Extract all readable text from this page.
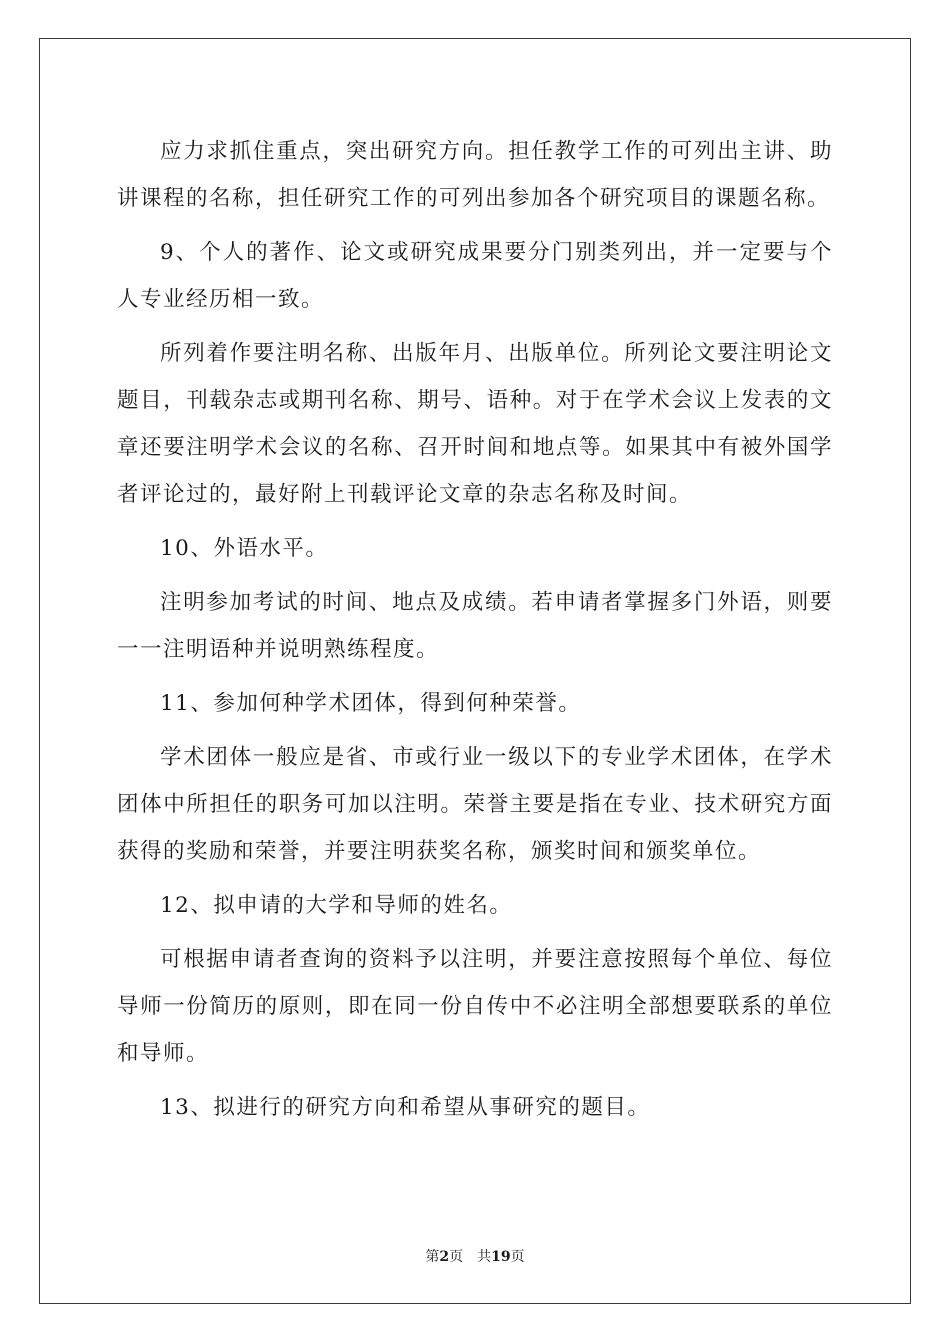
应力求抓住重点，突出研究方向。担任教学工作的可列出主讲、助讲课程的名称，担任研究工作的可列出参加各个研究项目的课题名称。

9、个人的著作、论文或研究成果要分门别类列出，并一定要与个人专业经历相一致。

所列着作要注明名称、出版年月、出版单位。所列论文要注明论文题目，刊载杂志或期刊名称、期号、语种。对于在学术会议上发表的文章还要注明学术会议的名称、召开时间和地点等。如果其中有被外国学者评论过的，最好附上刊载评论文章的杂志名称及时间。

10、外语水平。

注明参加考试的时间、地点及成绩。若申请者掌握多门外语，则要一一注明语种并说明熟练程度。

11、参加何种学术团体，得到何种荣誉。

学术团体一般应是省、市或行业一级以下的专业学术团体，在学术团体中所担任的职务可加以注明。荣誉主要是指在专业、技术研究方面获得的奖励和荣誉，并要注明获奖名称，颁奖时间和颁奖单位。

12、拟申请的大学和导师的姓名。

可根据申请者查询的资料予以注明，并要注意按照每个单位、每位导师一份简历的原则，即在同一份自传中不必注明全部想要联系的单位和导师。

13、拟进行的研究方向和希望从事研究的题目。

第2页 共19页
